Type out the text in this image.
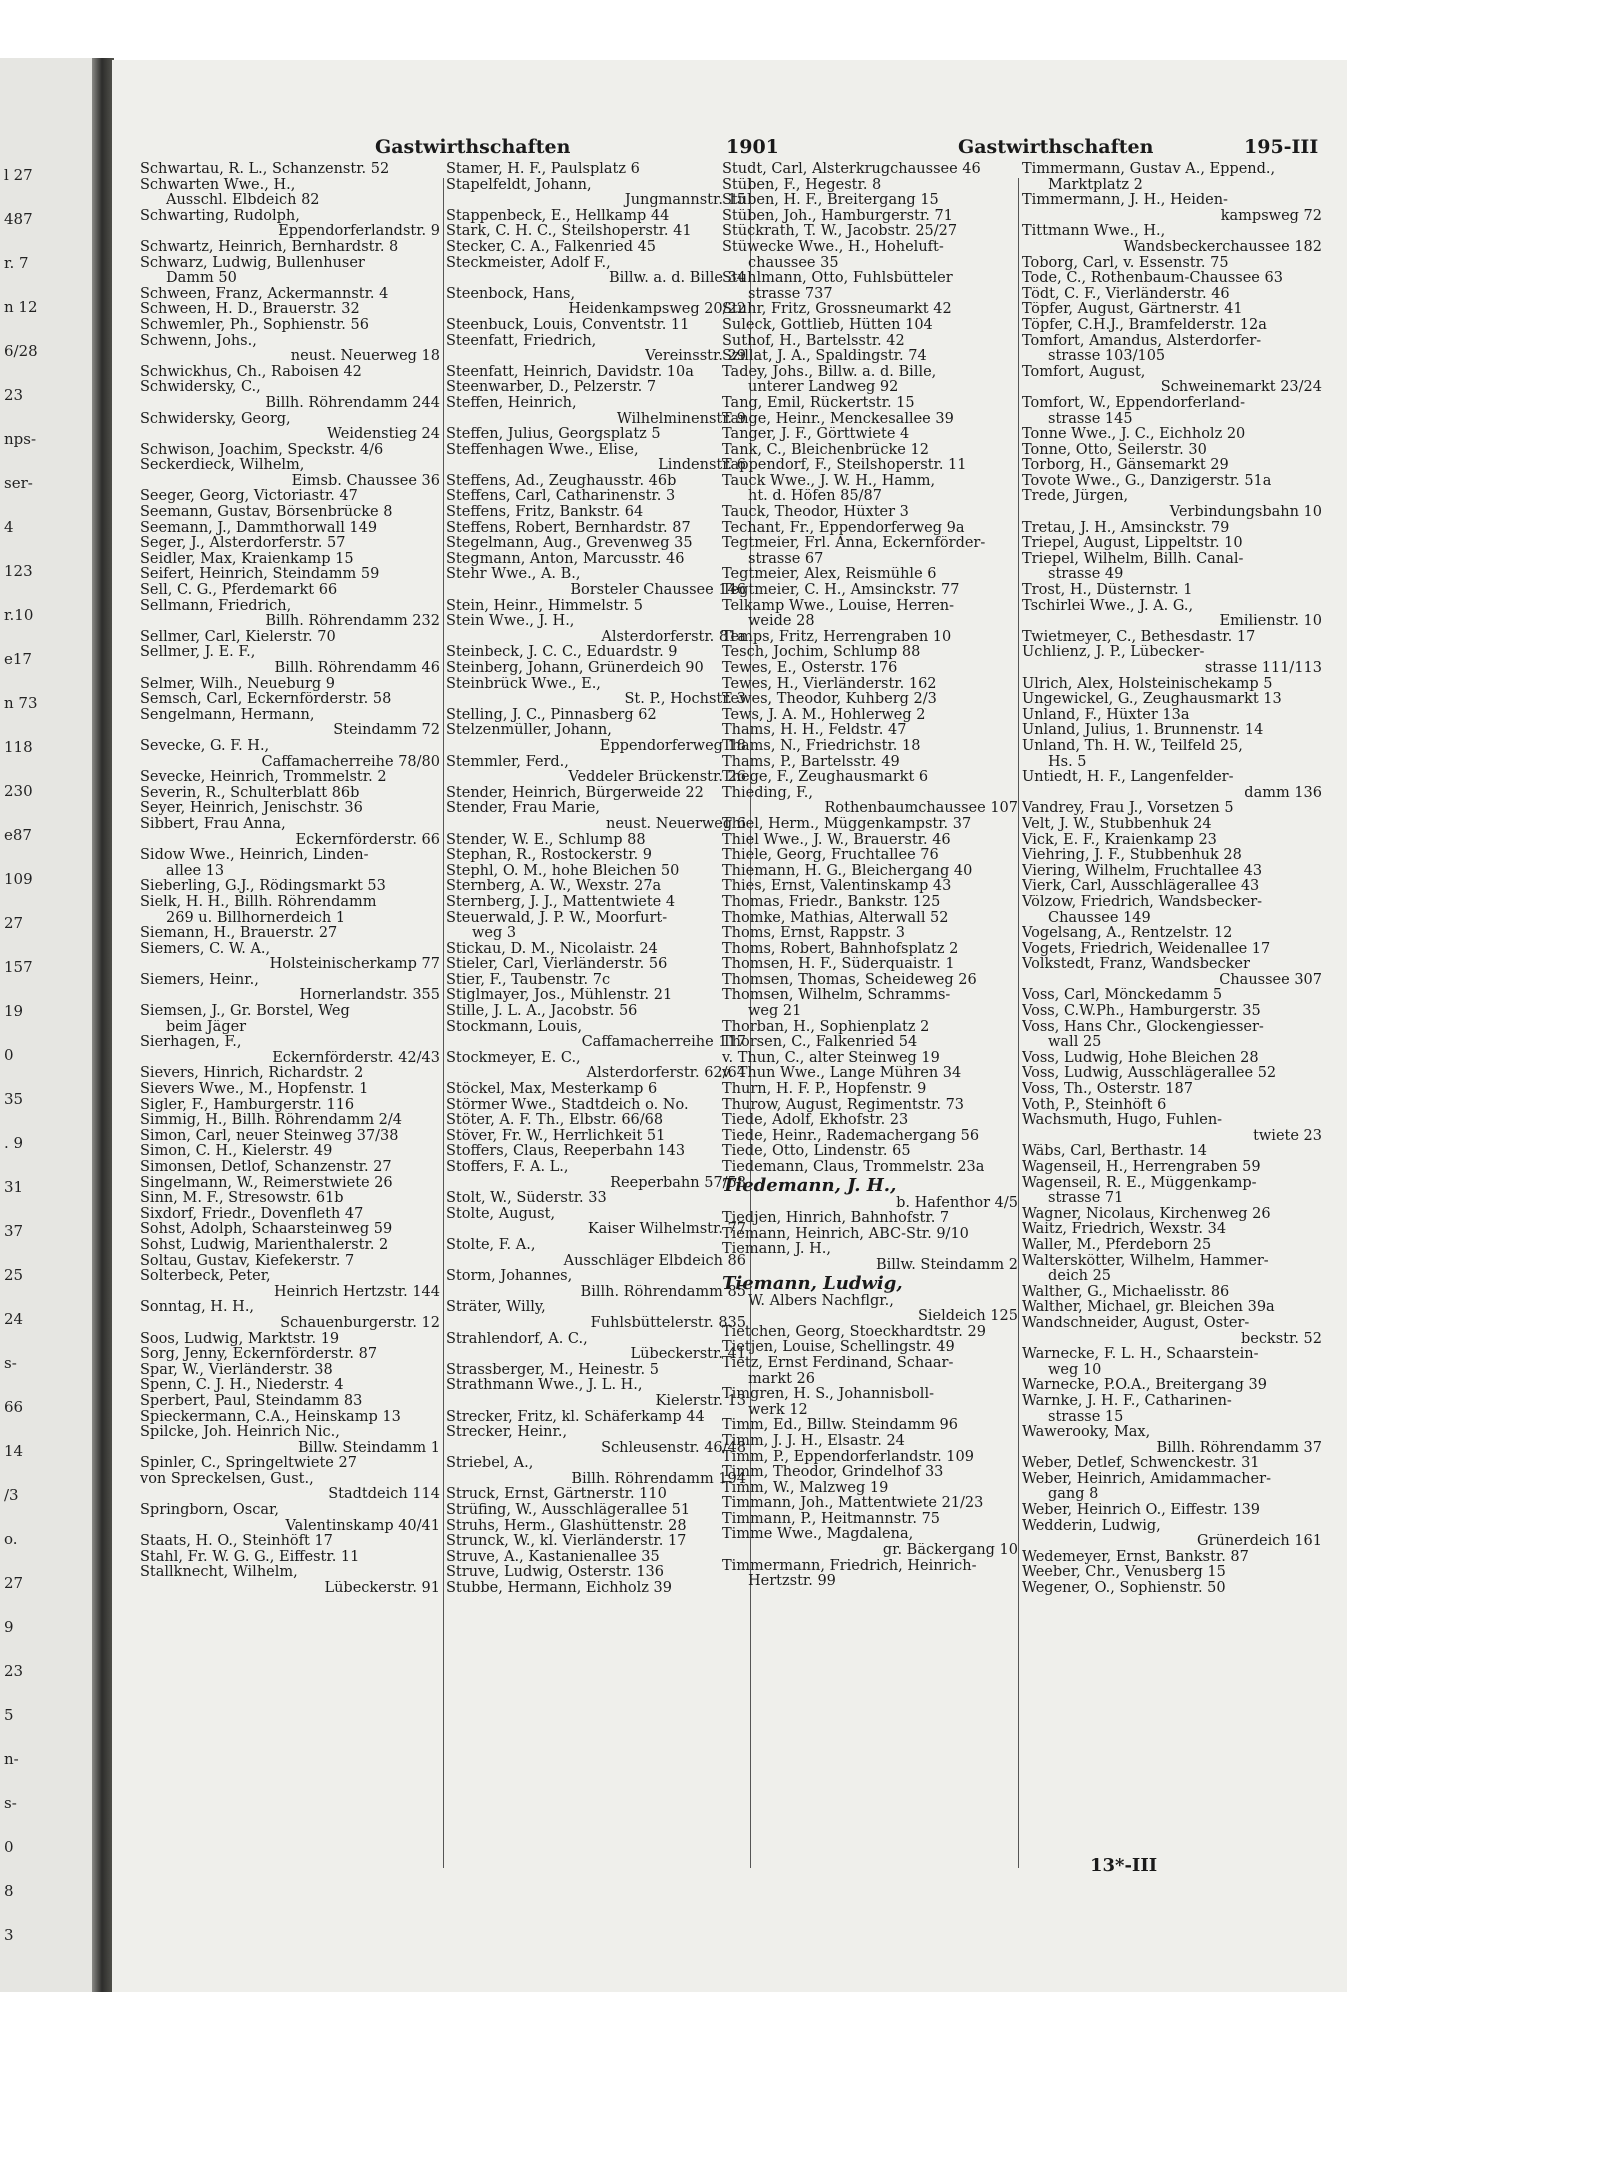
l 27
487
r. 7
n 12
6/28
23
nps-
ser-
4
123
r.10
e17
n 73
118
230
e87
109
27
157
19
0
35
. 9
31
37
25
24
s-
66
14
/3
o.
27
9
23
5
n-
s-
0
8
3
Gastwirthschaften	1901	Gastwirthschaften	195-III

Schwartau, R. L., Schanzenstr. 52

Schwarten Wwe., H.,

Ausschl. Elbdeich 82

Schwarting, Rudolph,

Eppendorferlandstr. 9

Schwartz, Heinrich, Bernhardstr. 8

Schwarz, Ludwig, Bullenhuser

Damm 50

Schween, Franz, Ackermannstr. 4

Schween, H. D., Brauerstr. 32

Schwemler, Ph., Sophienstr. 56

Schwenn, Johs.,

neust. Neuerweg 18

Schwickhus, Ch., Raboisen 42

Schwidersky, C.,

Billh. Röhrendamm 244

Schwidersky, Georg,

Weidenstieg 24

Schwison, Joachim, Speckstr. 4/6

Seckerdieck, Wilhelm,

Eimsb. Chaussee 36

Seeger, Georg, Victoriastr. 47

Seemann, Gustav, Börsenbrücke 8

Seemann, J., Dammthorwall 149

Seger, J., Alsterdorferstr. 57

Seidler, Max, Kraienkamp 15

Seifert, Heinrich, Steindamm 59

Sell, C. G., Pferdemarkt 66

Sellmann, Friedrich,

Billh. Röhrendamm 232

Sellmer, Carl, Kielerstr. 70

Sellmer, J. E. F.,

Billh. Röhrendamm 46

Selmer, Wilh., Neueburg 9

Semsch, Carl, Eckernförderstr. 58

Sengelmann, Hermann,

Steindamm 72

Sevecke, G. F. H.,

Caffamacherreihe 78/80

Sevecke, Heinrich, Trommelstr. 2

Severin, R., Schulterblatt 86b

Seyer, Heinrich, Jenischstr. 36

Sibbert, Frau Anna,

Eckernförderstr. 66

Sidow Wwe., Heinrich, Linden-

allee 13

Sieberling, G.J., Rödingsmarkt 53

Sielk, H. H., Billh. Röhrendamm

269 u. Billhornerdeich 1

Siemann, H., Brauerstr. 27

Siemers, C. W. A.,

Holsteinischerkamp 77

Siemers, Heinr.,

Hornerlandstr. 355

Siemsen, J., Gr. Borstel, Weg

beim Jäger

Sierhagen, F.,

Eckernförderstr. 42/43

Sievers, Hinrich, Richardstr. 2

Sievers Wwe., M., Hopfenstr. 1

Sigler, F., Hamburgerstr. 116

Simmig, H., Billh. Röhrendamm 2/4

Simon, Carl, neuer Steinweg 37/38

Simon, C. H., Kielerstr. 49

Simonsen, Detlof, Schanzenstr. 27

Singelmann, W., Reimerstwiete 26

Sinn, M. F., Stresowstr. 61b

Sixdorf, Friedr., Dovenfleth 47

Sohst, Adolph, Schaarsteinweg 59

Sohst, Ludwig, Marienthalerstr. 2

Soltau, Gustav, Kiefekerstr. 7

Solterbeck, Peter,

Heinrich Hertzstr. 144

Sonntag, H. H.,

Schauenburgerstr. 12

Soos, Ludwig, Marktstr. 19

Sorg, Jenny, Eckernförderstr. 87

Spar, W., Vierländerstr. 38

Spenn, C. J. H., Niederstr. 4

Sperbert, Paul, Steindamm 83

Spieckermann, C.A., Heinskamp 13

Spilcke, Joh. Heinrich Nic.,

Billw. Steindamm 1

Spinler, C., Springeltwiete 27

von Spreckelsen, Gust.,

Stadtdeich 114

Springborn, Oscar,

Valentinskamp 40/41

Staats, H. O., Steinhöft 17

Stahl, Fr. W. G. G., Eiffestr. 11

Stallknecht, Wilhelm,

Lübeckerstr. 91

Stamer, H. F., Paulsplatz 6

Stapelfeldt, Johann,

Jungmannstr. 15

Stappenbeck, E., Hellkamp 44

Stark, C. H. C., Steilshoperstr. 41

Stecker, C. A., Falkenried 45

Steckmeister, Adolf F.,

Billw. a. d. Bille 34

Steenbock, Hans,

Heidenkampsweg 20/22

Steenbuck, Louis, Conventstr. 11

Steenfatt, Friedrich,

Vereinsstr. 29

Steenfatt, Heinrich, Davidstr. 10a

Steenwarber, D., Pelzerstr. 7

Steffen, Heinrich,

Wilhelminenstr. 9

Steffen, Julius, Georgsplatz 5

Steffenhagen Wwe., Elise,

Lindenstr. 6

Steffens, Ad., Zeughausstr. 46b

Steffens, Carl, Catharinenstr. 3

Steffens, Fritz, Bankstr. 64

Steffens, Robert, Bernhardstr. 87

Stegelmann, Aug., Grevenweg 35

Stegmann, Anton, Marcusstr. 46

Stehr Wwe., A. B.,

Borsteler Chaussee 146

Stein, Heinr., Himmelstr. 5

Stein Wwe., J. H.,

Alsterdorferstr. 81a

Steinbeck, J. C. C., Eduardstr. 9

Steinberg, Johann, Grünerdeich 90

Steinbrück Wwe., E.,

St. P., Hochstr. 3

Stelling, J. C., Pinnasberg 62

Stelzenmüller, Johann,

Eppendorferweg 18

Stemmler, Ferd.,

Veddeler Brückenstr. 26

Stender, Heinrich, Bürgerweide 22

Stender, Frau Marie,

neust. Neuerweg 6

Stender, W. E., Schlump 88

Stephan, R., Rostockerstr. 9

Stephl, O. M., hohe Bleichen 50

Sternberg, A. W., Wexstr. 27a

Sternberg, J. J., Mattentwiete 4

Steuerwald, J. P. W., Moorfurt-

weg 3

Stickau, D. M., Nicolaistr. 24

Stieler, Carl, Vierländerstr. 56

Stier, F., Taubenstr. 7c

Stiglmayer, Jos., Mühlenstr. 21

Stille, J. L. A., Jacobstr. 56

Stockmann, Louis,

Caffamacherreihe 117

Stockmeyer, E. C.,

Alsterdorferstr. 62/64

Stöckel, Max, Mesterkamp 6

Störmer Wwe., Stadtdeich o. No.

Stöter, A. F. Th., Elbstr. 66/68

Stöver, Fr. W., Herrlichkeit 51

Stoffers, Claus, Reeperbahn 143

Stoffers, F. A. L.,

Reeperbahn 57/58

Stolt, W., Süderstr. 33

Stolte, August,

Kaiser Wilhelmstr. 77

Stolte, F. A.,

Ausschläger Elbdeich 86

Storm, Johannes,

Billh. Röhrendamm 85

Sträter, Willy,

Fuhlsbüttelerstr. 835

Strahlendorf, A. C.,

Lübeckerstr. 41

Strassberger, M., Heinestr. 5

Strathmann Wwe., J. L. H.,

Kielerstr. 13

Strecker, Fritz, kl. Schäferkamp 44

Strecker, Heinr.,

Schleusenstr. 46/48

Striebel, A.,

Billh. Röhrendamm 194

Struck, Ernst, Gärtnerstr. 110

Strüfing, W., Ausschlägerallee 51

Struhs, Herm., Glashüttenstr. 28

Strunck, W., kl. Vierländerstr. 17

Struve, A., Kastanienallee 35

Struve, Ludwig, Osterstr. 136

Stubbe, Hermann, Eichholz 39

Studt, Carl, Alsterkrugchaussee 46

Stüben, F., Hegestr. 8

Stüben, H. F., Breitergang 15

Stüben, Joh., Hamburgerstr. 71

Stückrath, T. W., Jacobstr. 25/27

Stüwecke Wwe., H., Hoheluft-

chaussee 35

Stuhlmann, Otto, Fuhlsbütteler

strasse 737

Stuhr, Fritz, Grossneumarkt 42

Suleck, Gottlieb, Hütten 104

Suthof, H., Bartelsstr. 42

Szillat, J. A., Spaldingstr. 74

Tadey, Johs., Billw. a. d. Bille,

unterer Landweg 92

Tang, Emil, Rückertstr. 15

Tange, Heinr., Menckesallee 39

Tanger, J. F., Görttwiete 4

Tank, C., Bleichenbrücke 12

Tappendorf, F., Steilshoperstr. 11

Tauck Wwe., J. W. H., Hamm,

ht. d. Höfen 85/87

Tauck, Theodor, Hüxter 3

Techant, Fr., Eppendorferweg 9a

Tegtmeier, Frl. Anna, Eckernförder-

strasse 67

Tegtmeier, Alex, Reismühle 6

Tegtmeier, C. H., Amsinckstr. 77

Telkamp Wwe., Louise, Herren-

weide 28

Temps, Fritz, Herrengraben 10

Tesch, Jochim, Schlump 88

Tewes, E., Osterstr. 176

Tewes, H., Vierländerstr. 162

Tewes, Theodor, Kuhberg 2/3

Tews, J. A. M., Hohlerweg 2

Thams, H. H., Feldstr. 47

Thams, N., Friedrichstr. 18

Thams, P., Bartelsstr. 49

Thege, F., Zeughausmarkt 6

Thieding, F.,

Rothenbaumchaussee 107

Thiel, Herm., Müggenkampstr. 37

Thiel Wwe., J. W., Brauerstr. 46

Thiele, Georg, Fruchtallee 76

Thiemann, H. G., Bleichergang 40

Thies, Ernst, Valentinskamp 43

Thomas, Friedr., Bankstr. 125

Thomke, Mathias, Alterwall 52

Thoms, Ernst, Rappstr. 3

Thoms, Robert, Bahnhofsplatz 2

Thomsen, H. F., Süderquaistr. 1

Thomsen, Thomas, Scheideweg 26

Thomsen, Wilhelm, Schramms-

weg 21

Thorban, H., Sophienplatz 2

Thorsen, C., Falkenried 54

v. Thun, C., alter Steinweg 19

v. Thun Wwe., Lange Mühren 34

Thurn, H. F. P., Hopfenstr. 9

Thurow, August, Regimentstr. 73

Tiede, Adolf, Ekhofstr. 23

Tiede, Heinr., Rademachergang 56

Tiede, Otto, Lindenstr. 65

Tiedemann, Claus, Trommelstr. 23a

Tiedemann, J. H.,

b. Hafenthor 4/5

Tiedjen, Hinrich, Bahnhofstr. 7

Tiemann, Heinrich, ABC-Str. 9/10

Tiemann, J. H.,

Billw. Steindamm 2

Tiemann, Ludwig,

W. Albers Nachflgr.,

Sieldeich 125

Tietchen, Georg, Stoeckhardtstr. 29

Tietjen, Louise, Schellingstr. 49

Tietz, Ernst Ferdinand, Schaar-

markt 26

Timgren, H. S., Johannisboll-

werk 12

Timm, Ed., Billw. Steindamm 96

Timm, J. J. H., Elsastr. 24

Timm, P., Eppendorferlandstr. 109

Timm, Theodor, Grindelhof 33

Timm, W., Malzweg 19

Timmann, Joh., Mattentwiete 21/23

Timmann, P., Heitmannstr. 75

Timme Wwe., Magdalena,

gr. Bäckergang 10

Timmermann, Friedrich, Heinrich-

Hertzstr. 99

Timmermann, Gustav A., Eppend.,

Marktplatz 2

Timmermann, J. H., Heiden-

kampsweg 72

Tittmann Wwe., H.,

Wandsbeckerchaussee 182

Toborg, Carl, v. Essenstr. 75

Tode, C., Rothenbaum-Chaussee 63

Tödt, C. F., Vierländerstr. 46

Töpfer, August, Gärtnerstr. 41

Töpfer, C.H.J., Bramfelderstr. 12a

Tomfort, Amandus, Alsterdorfer-

strasse 103/105

Tomfort, August,

Schweinemarkt 23/24

Tomfort, W., Eppendorferland-

strasse 145

Tonne Wwe., J. C., Eichholz 20

Tonne, Otto, Seilerstr. 30

Torborg, H., Gänsemarkt 29

Tovote Wwe., G., Danzigerstr. 51a

Trede, Jürgen,

Verbindungsbahn 10

Tretau, J. H., Amsinckstr. 79

Triepel, August, Lippeltstr. 10

Triepel, Wilhelm, Billh. Canal-

strasse 49

Trost, H., Düsternstr. 1

Tschirlei Wwe., J. A. G.,

Emilienstr. 10

Twietmeyer, C., Bethesdastr. 17

Uchlienz, J. P., Lübecker-

strasse 111/113

Ulrich, Alex, Holsteinischekamp 5

Ungewickel, G., Zeughausmarkt 13

Unland, F., Hüxter 13a

Unland, Julius, 1. Brunnenstr. 14

Unland, Th. H. W., Teilfeld 25,

Hs. 5

Untiedt, H. F., Langenfelder-

damm 136

Vandrey, Frau J., Vorsetzen 5

Velt, J. W., Stubbenhuk 24

Vick, E. F., Kraienkamp 23

Viehring, J. F., Stubbenhuk 28

Viering, Wilhelm, Fruchtallee 43

Vierk, Carl, Ausschlägerallee 43

Völzow, Friedrich, Wandsbecker-

Chaussee 149

Vogelsang, A., Rentzelstr. 12

Vogets, Friedrich, Weidenallee 17

Volkstedt, Franz, Wandsbecker

Chaussee 307

Voss, Carl, Mönckedamm 5

Voss, C.W.Ph., Hamburgerstr. 35

Voss, Hans Chr., Glockengiesser-

wall 25

Voss, Ludwig, Hohe Bleichen 28

Voss, Ludwig, Ausschlägerallee 52

Voss, Th., Osterstr. 187

Voth, P., Steinhöft 6

Wachsmuth, Hugo, Fuhlen-

twiete 23

Wäbs, Carl, Berthastr. 14

Wagenseil, H., Herrengraben 59

Wagenseil, R. E., Müggenkamp-

strasse 71

Wagner, Nicolaus, Kirchenweg 26

Waitz, Friedrich, Wexstr. 34

Waller, M., Pferdeborn 25

Walterskötter, Wilhelm, Hammer-

deich 25

Walther, G., Michaelisstr. 86

Walther, Michael, gr. Bleichen 39a

Wandschneider, August, Oster-

beckstr. 52

Warnecke, F. L. H., Schaarstein-

weg 10

Warnecke, P.O.A., Breitergang 39

Warnke, J. H. F., Catharinen-

strasse 15

Wawerooky, Max,

Billh. Röhrendamm 37

Weber, Detlef, Schwenckestr. 31

Weber, Heinrich, Amidammacher-

gang 8

Weber, Heinrich O., Eiffestr. 139

Wedderin, Ludwig,

Grünerdeich 161

Wedemeyer, Ernst, Bankstr. 87

Weeber, Chr., Venusberg 15

Wegener, O., Sophienstr. 50

13*-III
